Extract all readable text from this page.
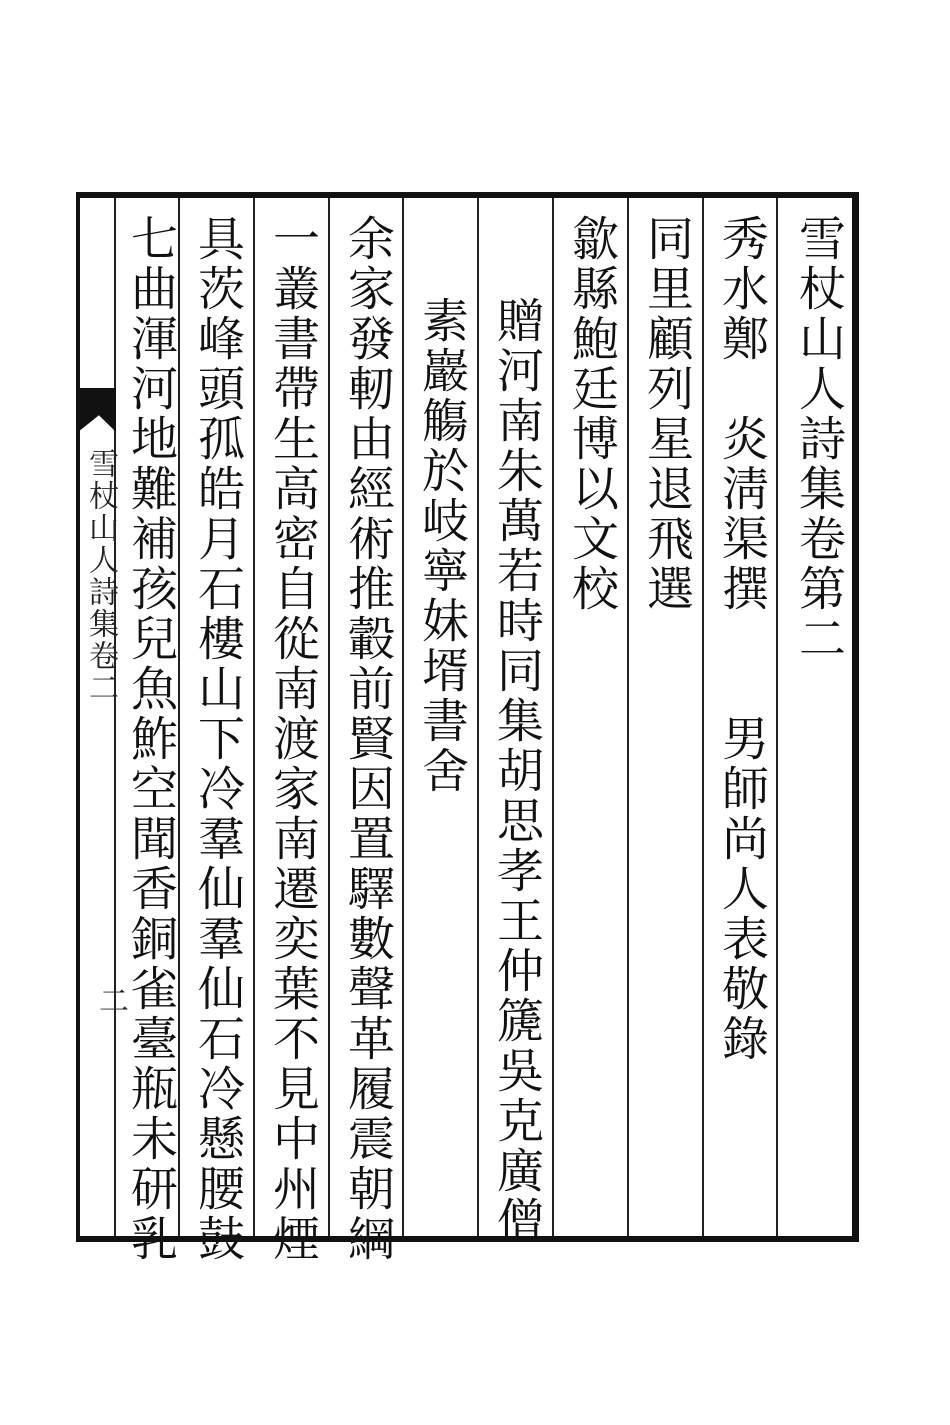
雪杖山人詩集卷第二

秀水鄭　炎淸渠撰　　男師尚人表敬錄

同里顧列星退飛選

歙縣鮑廷博以文校

贈河南朱萬若時同集胡思孝王仲篪吳克廣僧

素巖觴於岐寧妹壻書舍

余家發軔由經術推轂前賢因置驛數聲革履震朝綱

一叢書帶生高密自從南渡家南遷奕葉不見中州煙

具茨峰頭孤皓月石樓山下冷羣仙羣仙石冷懸腰鼓

七曲渾河地難補孩兒魚鮓空聞香銅雀臺瓶未研乳

雪杖山人詩集卷二

二
